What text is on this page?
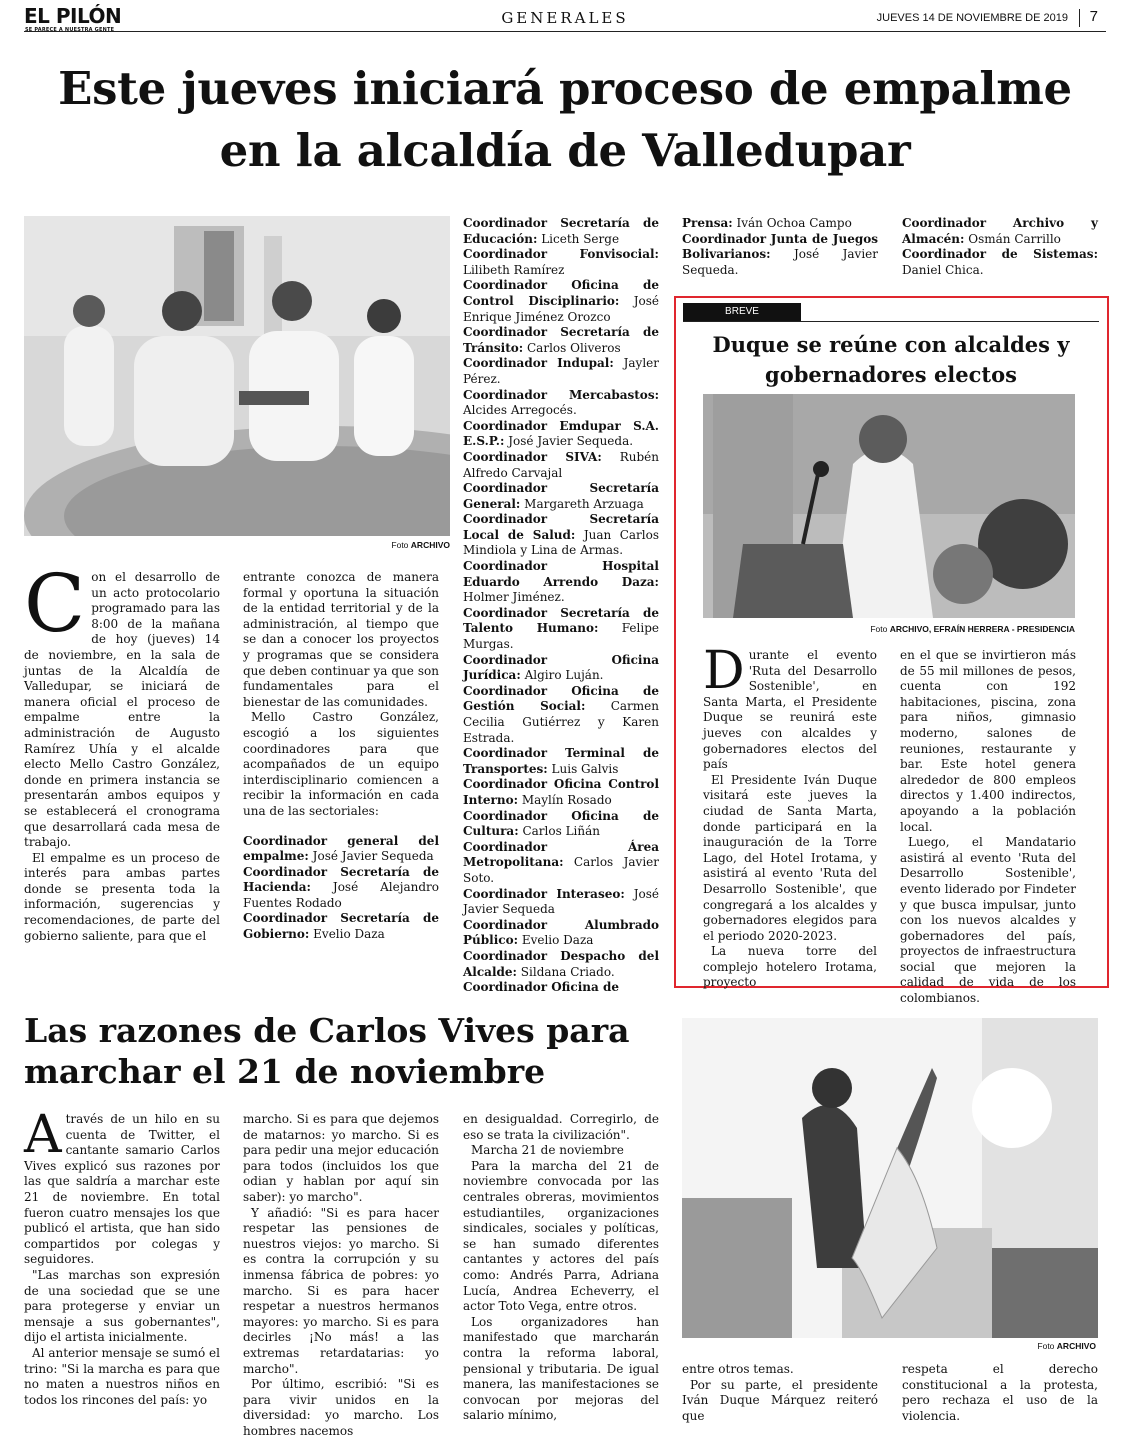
EL PILÓN
SE PARECE A NUESTRA GENTE
GENERALES	JUEVES 14 DE NOVIEMBRE DE 2019 7
Este jueves iniciará proceso de empalme en la alcaldía de Valledupar
Foto ARCHIVO
C on el desarrollo de un acto protocolario programado para las 8:00 de la mañana de hoy (jueves) 14 de noviembre, en la sala de juntas de la Alcaldía de Valledupar, se iniciará de manera oficial el proceso de empalme entre la administración de Augusto Ramírez Uhía y el alcalde electo Mello Castro González, donde en primera instancia se presentarán ambos equipos y se establecerá el cronograma que desarrollará cada mesa de trabajo.

El empalme es un proceso de interés para ambas partes donde se presenta toda la información, sugerencias y recomendaciones, de parte del gobierno saliente, para que el

entrante conozca de manera formal y oportuna la situación de la entidad territorial y de la administración, al tiempo que se dan a conocer los proyectos y programas que se considera que deben continuar ya que son fundamentales para el bienestar de las comunidades.

Mello Castro González, escogió a los siguientes coordinadores para que acompañados de un equipo interdisciplinario comiencen a recibir la información en cada una de las sectoriales:

Coordinador general del empalme: José Javier Sequeda

Coordinador Secretaría de Hacienda: José Alejandro Fuentes Rodado

Coordinador Secretaría de Gobierno: Evelio Daza

Coordinador Secretaría de Educación: Liceth Serge

Coordinador Fonvisocial: Lilibeth Ramírez

Coordinador Oficina de Control Disciplinario: José Enrique Jiménez Orozco

Coordinador Secretaría de Tránsito: Carlos Oliveros

Coordinador Indupal: Jayler Pérez.

Coordinador Mercabastos: Alcides Arregocés.

Coordinador Emdupar S.A. E.S.P.: José Javier Sequeda.

Coordinador SIVA: Rubén Alfredo Carvajal

Coordinador Secretaría General: Margareth Arzuaga

Coordinador Secretaría Local de Salud: Juan Carlos Mindiola y Lina de Armas.

Coordinador Hospital Eduardo Arrendo Daza: Holmer Jiménez.

Coordinador Secretaría de Talento Humano: Felipe Murgas.

Coordinador Oficina Jurídica: Algiro Luján.

Coordinador Oficina de Gestión Social: Carmen Cecilia Gutiérrez y Karen Estrada.

Coordinador Terminal de Transportes: Luis Galvis

Coordinador Oficina Control Interno: Maylín Rosado

Coordinador Oficina de Cultura: Carlos Liñán

Coordinador Área Metropolitana: Carlos Javier Soto.

Coordinador Interaseo: José Javier Sequeda

Coordinador Alumbrado Público: Evelio Daza

Coordinador Despacho del Alcalde: Sildana Criado.

Coordinador Oficina de

Prensa: Iván Ochoa Campo

Coordinador Junta de Juegos Bolivarianos: José Javier Sequeda.

Coordinador Archivo y Almacén: Osmán Carrillo

Coordinador de Sistemas: Daniel Chica.

BREVE
Duque se reúne con alcaldes y gobernadores electos
Foto ARCHIVO, EFRAÍN HERRERA - PRESIDENCIA
D urante el evento 'Ruta del Desarrollo Sostenible', en Santa Marta, el Presidente Duque se reunirá este jueves con alcaldes y gobernadores electos del país

El Presidente Iván Duque visitará este jueves la ciudad de Santa Marta, donde participará en la inauguración de la Torre Lago, del Hotel Irotama, y asistirá al evento 'Ruta del Desarrollo Sostenible', que congregará a los alcaldes y gobernadores elegidos para el periodo 2020-2023.

La nueva torre del complejo hotelero Irotama, proyecto

en el que se invirtieron más de 55 mil millones de pesos, cuenta con 192 habitaciones, piscina, zona para niños, gimnasio moderno, salones de reuniones, restaurante y bar. Este hotel genera alrededor de 800 empleos directos y 1.400 indirectos, apoyando a la población local.

Luego, el Mandatario asistirá al evento 'Ruta del Desarrollo Sostenible', evento liderado por Findeter y que busca impulsar, junto con los nuevos alcaldes y gobernadores del país, proyectos de infraestructura social que mejoren la calidad de vida de los colombianos.

Las razones de Carlos Vives para marchar el 21 de noviembre
Foto ARCHIVO
A través de un hilo en su cuenta de Twitter, el cantante samario Carlos Vives explicó sus razones por las que saldría a marchar este 21 de noviembre. En total fueron cuatro mensajes los que publicó el artista, que han sido compartidos por colegas y seguidores.

"Las marchas son expresión de una sociedad que se une para protegerse y enviar un mensaje a sus gobernantes", dijo el artista inicialmente.

Al anterior mensaje se sumó el trino: "Si la marcha es para que no maten a nuestros niños en todos los rincones del país: yo

marcho. Si es para que dejemos de matarnos: yo marcho. Si es para pedir una mejor educación para todos (incluidos los que odian y hablan por aquí sin saber): yo marcho".

Y añadió: "Si es para hacer respetar las pensiones de nuestros viejos: yo marcho. Si es contra la corrupción y su inmensa fábrica de pobres: yo marcho. Si es para hacer respetar a nuestros hermanos mayores: yo marcho. Si es para decirles ¡No más! a las extremas retardatarias: yo marcho".

Por último, escribió: "Si es para vivir unidos en la diversidad: yo marcho. Los hombres nacemos

en desigualdad. Corregirlo, de eso se trata la civilización".

Marcha 21 de noviembre

Para la marcha del 21 de noviembre convocada por las centrales obreras, movimientos estudiantiles, organizaciones sindicales, sociales y políticas, se han sumado diferentes cantantes y actores del país como: Andrés Parra, Adriana Lucía, Andrea Echeverry, el actor Toto Vega, entre otros.

Los organizadores han manifestado que marcharán contra la reforma laboral, pensional y tributaria. De igual manera, las manifestaciones se convocan por mejoras del salario mínimo,

entre otros temas.

Por su parte, el presidente Iván Duque Márquez reiteró que

respeta el derecho constitucional a la protesta, pero rechaza el uso de la violencia.
